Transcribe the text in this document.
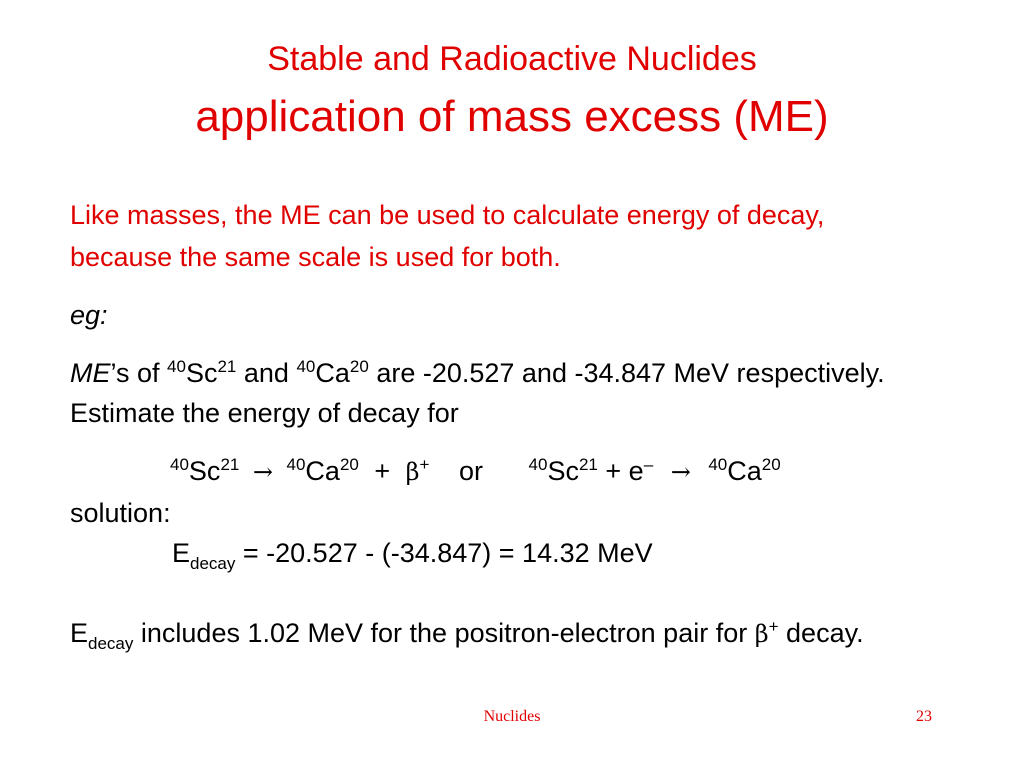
Stable and Radioactive Nuclides
application of mass excess (ME)
Like masses, the ME can be used to calculate energy of decay,
because the same scale is used for both.
eg:
ME’s of $^{40}$Sc$^{21}$ and $^{40}$Ca$^{20}$ are -20.527 and -34.847 MeV respectively.
Estimate the energy of decay for
$^{40}Sc^{21} \to ^{40}Ca^{20} + \beta^+$ or	$^{40}Sc^{21} + e^- \to ^{40}Ca^{20}$
solution:
$E_{decay} = -20.527 - (-34.847) = 14.32$ MeV
$E_{decay}$ includes 1.02 MeV for the positron-electron pair for β+ decay.
Nuclides	23
